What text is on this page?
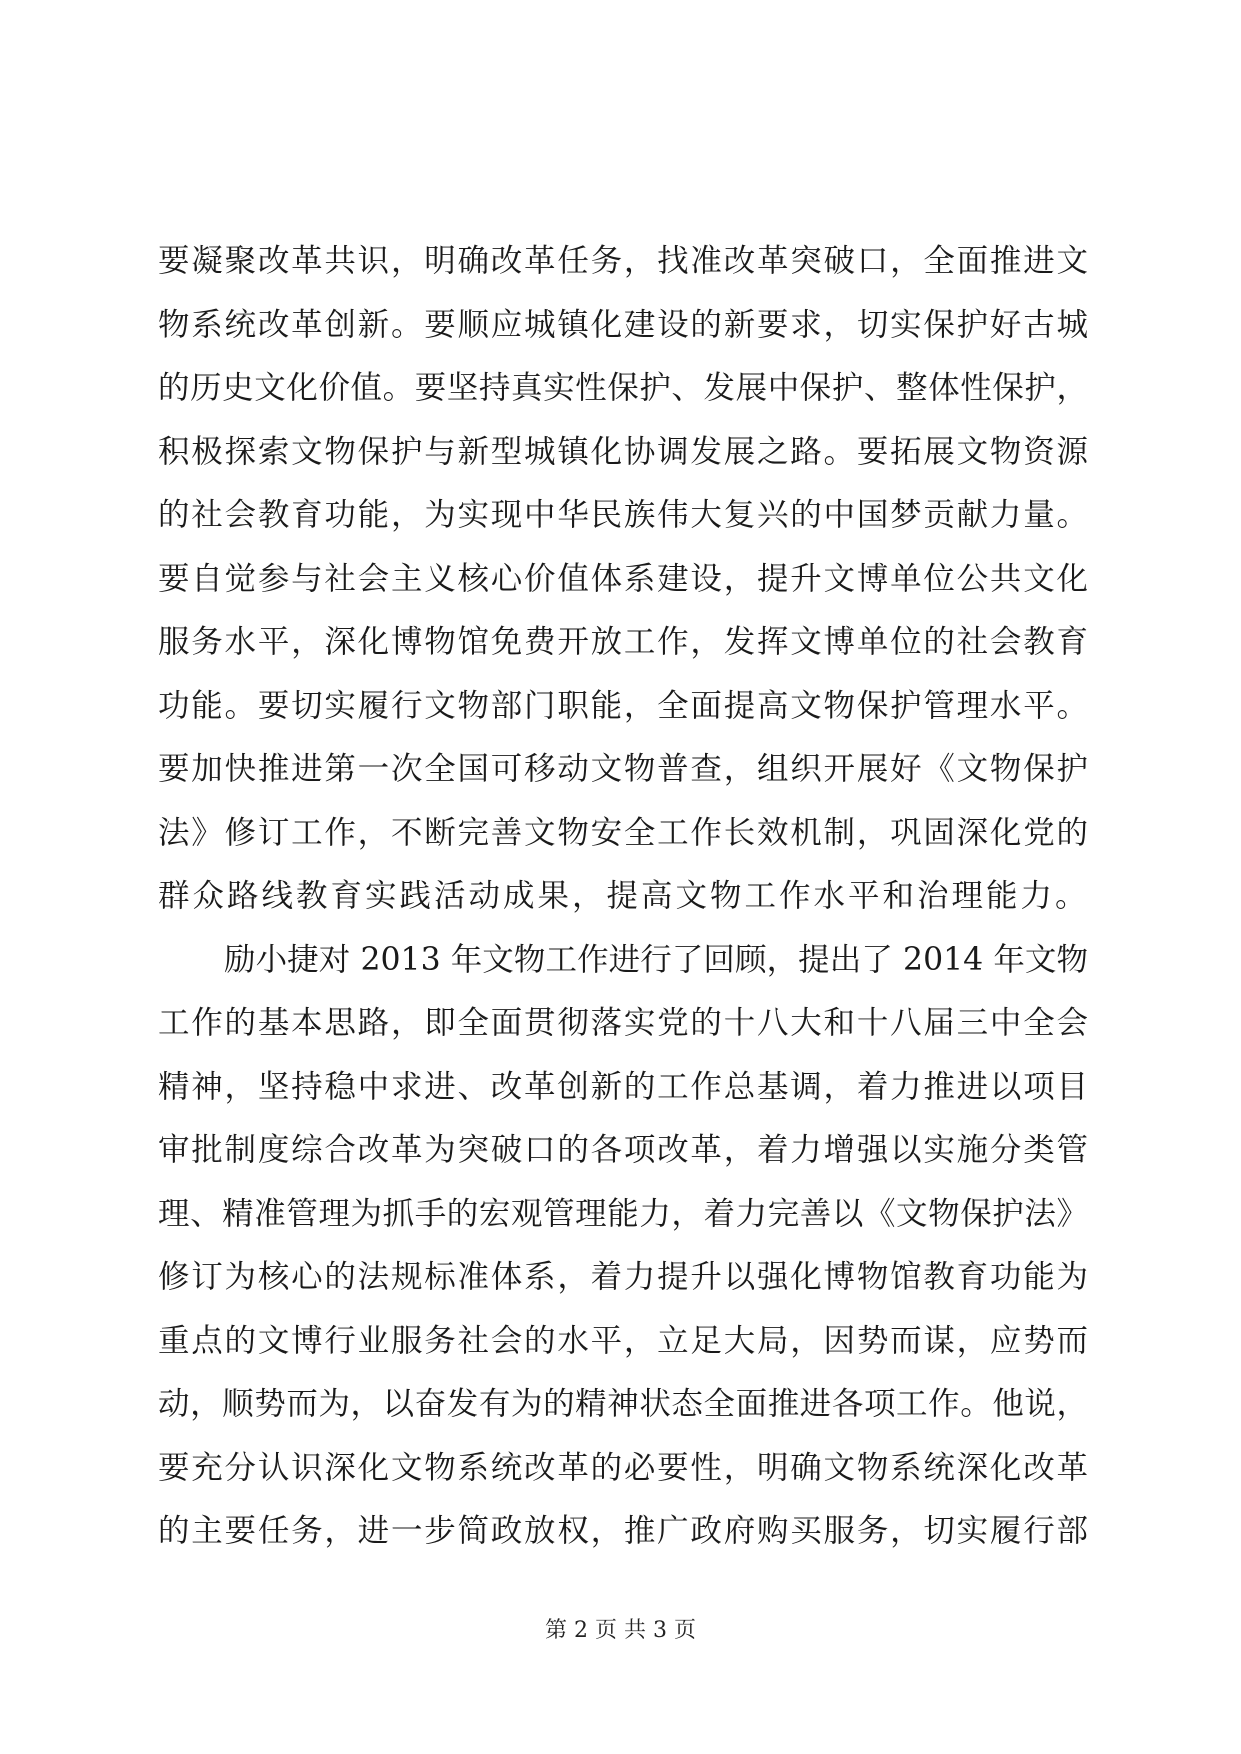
要凝聚改革共识，明确改革任务，找准改革突破口，全面推进文
物系统改革创新。要顺应城镇化建设的新要求，切实保护好古城
的历史文化价值。要坚持真实性保护、发展中保护、整体性保护，
积极探索文物保护与新型城镇化协调发展之路。要拓展文物资源
的社会教育功能，为实现中华民族伟大复兴的中国梦贡献力量。
要自觉参与社会主义核心价值体系建设，提升文博单位公共文化
服务水平，深化博物馆免费开放工作，发挥文博单位的社会教育
功能。要切实履行文物部门职能，全面提高文物保护管理水平。
要加快推进第一次全国可移动文物普查，组织开展好《文物保护
法》修订工作，不断完善文物安全工作长效机制，巩固深化党的
群众路线教育实践活动成果，提高文物工作水平和治理能力。
励小捷对 2013 年文物工作进行了回顾，提出了 2014 年文物
工作的基本思路，即全面贯彻落实党的十八大和十八届三中全会
精神，坚持稳中求进、改革创新的工作总基调，着力推进以项目
审批制度综合改革为突破口的各项改革，着力增强以实施分类管
理、精准管理为抓手的宏观管理能力，着力完善以《文物保护法》
修订为核心的法规标准体系，着力提升以强化博物馆教育功能为
重点的文博行业服务社会的水平，立足大局，因势而谋，应势而
动，顺势而为，以奋发有为的精神状态全面推进各项工作。他说，
要充分认识深化文物系统改革的必要性，明确文物系统深化改革
的主要任务，进一步简政放权，推广政府购买服务，切实履行部
第 2 页 共 3 页
